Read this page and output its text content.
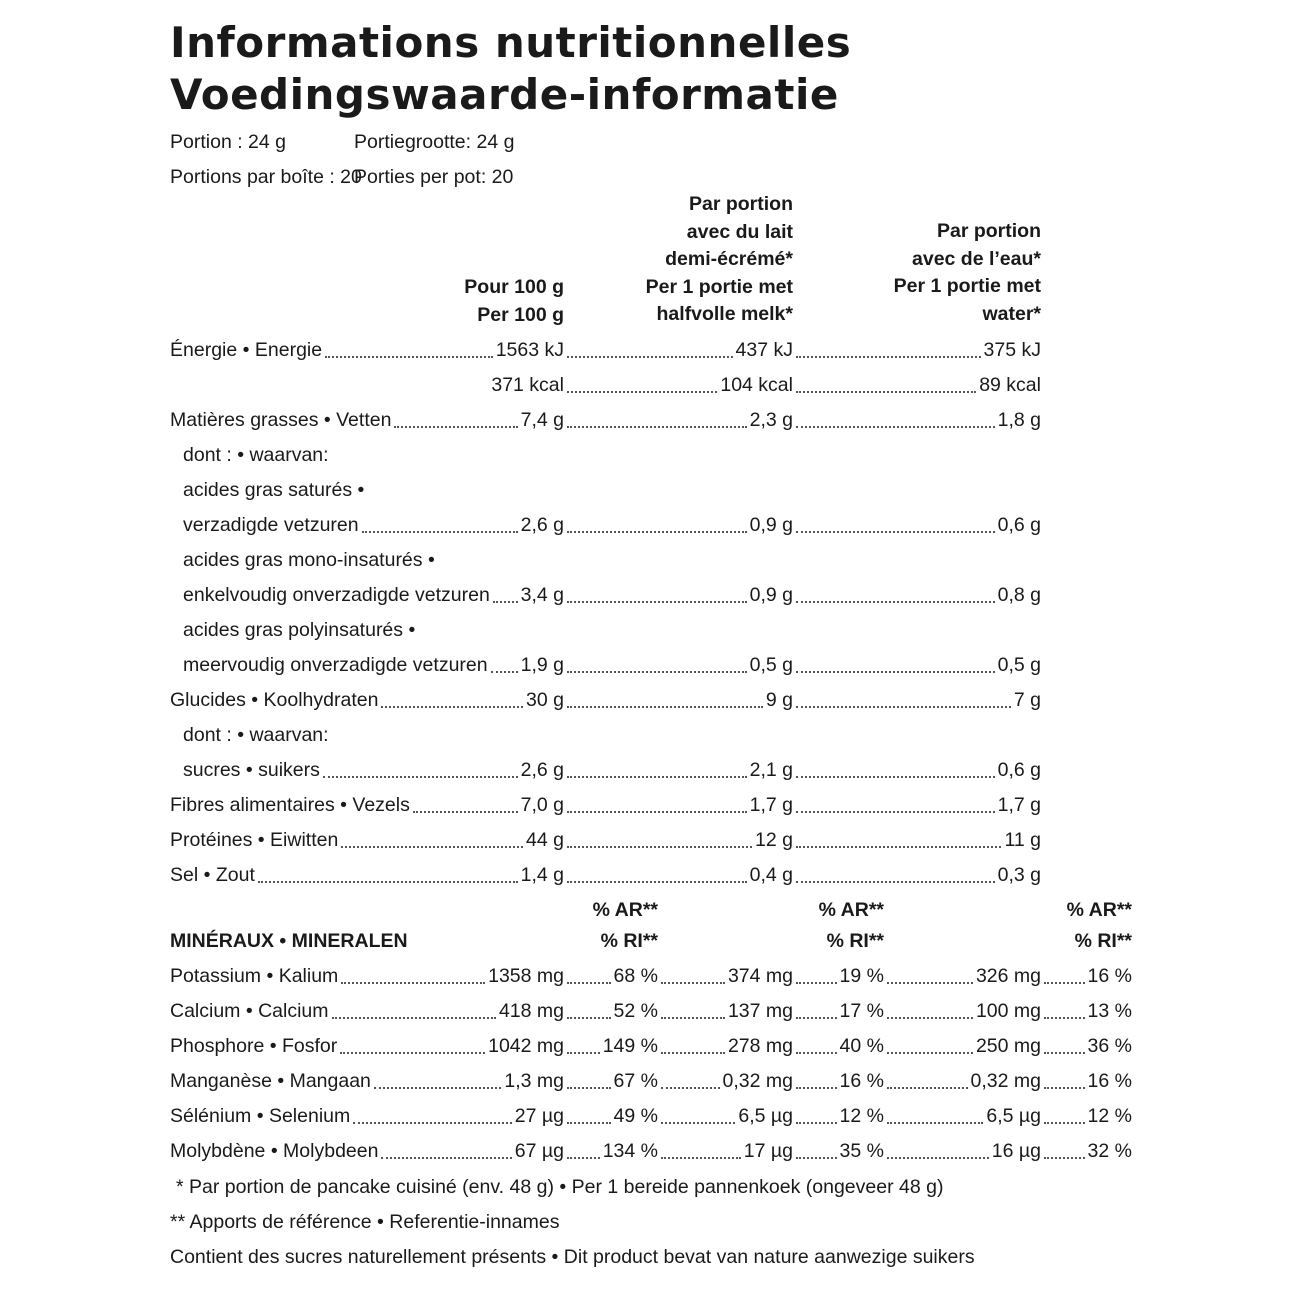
Informations nutritionnelles
Voedingswaarde-informatie
Portion : 24 g	Portiegrootte: 24 g
Portions par boîte : 20
Porties per pot: 20
Pour 100 g
Per 100 g
Par portion
avec du lait
demi-écrémé*
Per 1 portie met
halfvolle melk*
Par portion
avec de l’eau*
Per 1 portie met
water*
Énergie • Energie	1563 kJ	437 kJ	375 kJ
371 kcal	104 kcal	89 kcal
Matières grasses • Vetten	7,4 g	2,3 g	1,8 g
dont : • waarvan:
acides gras saturés •
verzadigde vetzuren	2,6 g	0,9 g	0,6 g
acides gras mono-insaturés •
enkelvoudig onverzadigde vetzuren 3,4 g	0,9 g	0,8 g
acides gras polyinsaturés •
meervoudig onverzadigde vetzuren 1,9 g	0,5 g	0,5 g
Glucides • Koolhydraten	30 g	9 g	7 g
dont : • waarvan:
sucres • suikers	2,6 g	2,1 g	0,6 g
Fibres alimentaires • Vezels	7,0 g	1,7 g	1,7 g
Protéines • Eiwitten	44 g	12 g	11 g
Sel • Zout	1,4 g	0,4 g	0,3 g
MINÉRAUX • MINERALEN
% AR**
% RI**
% AR**
% RI**
% AR**
% RI**
Potassium • Kalium	1358 mg	68 %	374 mg 19 %	326 mg 16 %
Calcium • Calcium	418 mg	52 %	137 mg 17 %	100 mg 13 %
Phosphore • Fosfor	1042 mg 149 %	278 mg 40 %	250 mg 36 %
Manganèse • Mangaan	1,3 mg	67 %	0,32 mg 16 %	0,32 mg 16 %
Sélénium • Selenium	27 µg	49 %	6,5 µg 12 %	6,5 µg 12 %
Molybdène • Molybdeen	67 µg 134 %	17 µg 35 %	16 µg 32 %
* Par portion de pancake cuisiné (env. 48 g) • Per 1 bereide pannenkoek (ongeveer 48 g)
** Apports de référence • Referentie-innames
Contient des sucres naturellement présents • Dit product bevat van nature aanwezige suikers
